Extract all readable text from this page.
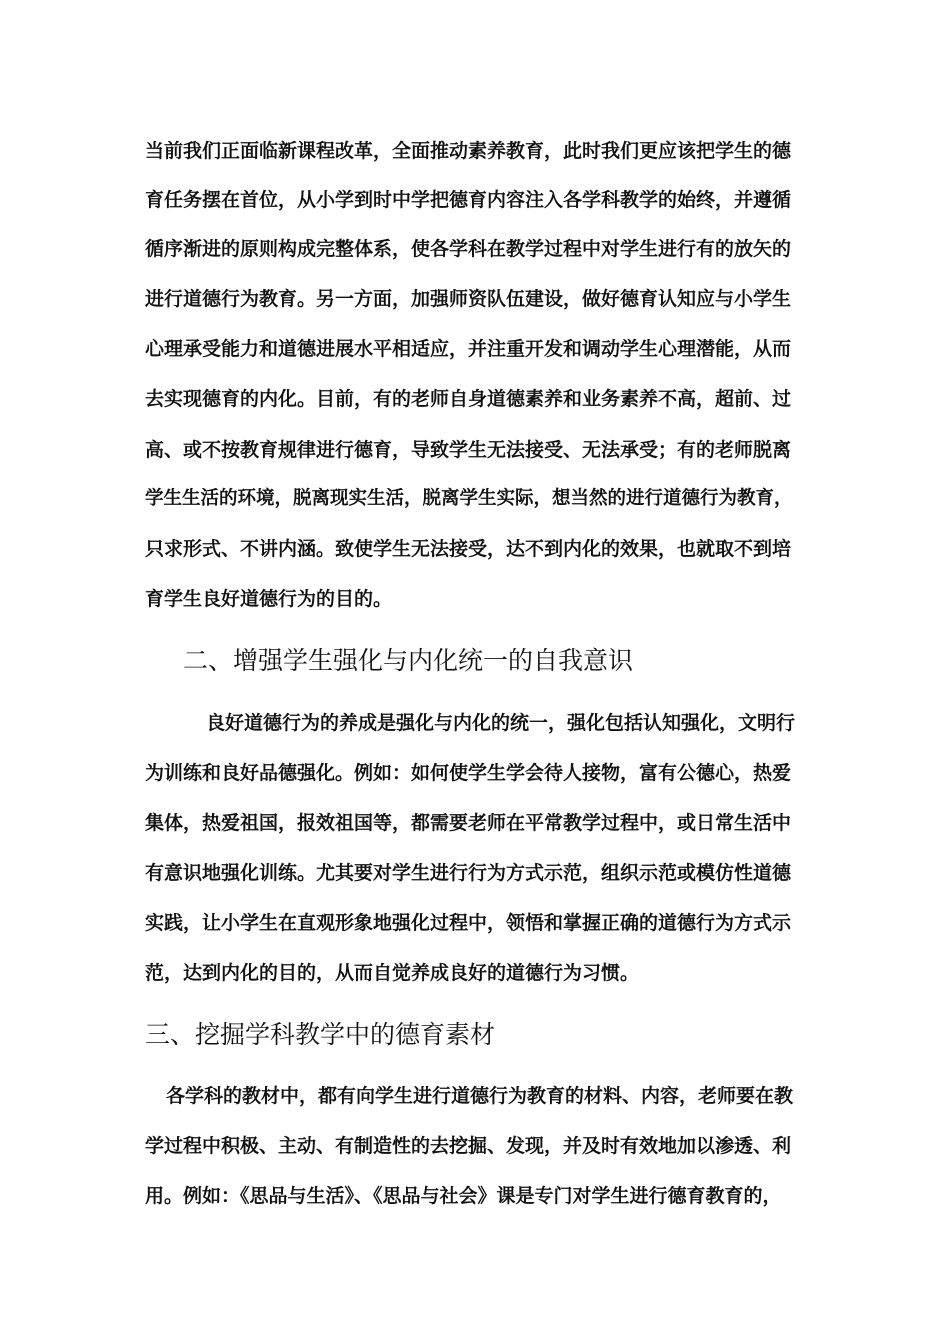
当前我们正面临新课程改革，全面推动素养教育，此时我们更应该把学生的德
育任务摆在首位，从小学到时中学把德育内容注入各学科教学的始终，并遵循
循序渐进的原则构成完整体系，使各学科在教学过程中对学生进行有的放矢的
进行道德行为教育。另一方面，加强师资队伍建设，做好德育认知应与小学生
心理承受能力和道德进展水平相适应，并注重开发和调动学生心理潜能，从而
去实现德育的内化。目前，有的老师自身道德素养和业务素养不高，超前、过
高、或不按教育规律进行德育，导致学生无法接受、无法承受；有的老师脱离
学生生活的环境，脱离现实生活，脱离学生实际，想当然的进行道德行为教育，
只求形式、不讲内涵。致使学生无法接受，达不到内化的效果，也就取不到培
育学生良好道德行为的目的。
二、增强学生强化与内化统一的自我意识
良好道德行为的养成是强化与内化的统一，强化包括认知强化，文明行
为训练和良好品德强化。例如：如何使学生学会待人接物，富有公德心，热爱
集体，热爱祖国，报效祖国等，都需要老师在平常教学过程中，或日常生活中
有意识地强化训练。尤其要对学生进行行为方式示范，组织示范或模仿性道德
实践，让小学生在直观形象地强化过程中，领悟和掌握正确的道德行为方式示
范，达到内化的目的，从而自觉养成良好的道德行为习惯。
三、挖掘学科教学中的德育素材
各学科的教材中，都有向学生进行道德行为教育的材料、内容，老师要在教
学过程中积极、主动、有制造性的去挖掘、发现，并及时有效地加以渗透、利
用。例如：《思品与生活》、《思品与社会》课是专门对学生进行德育教育的，
